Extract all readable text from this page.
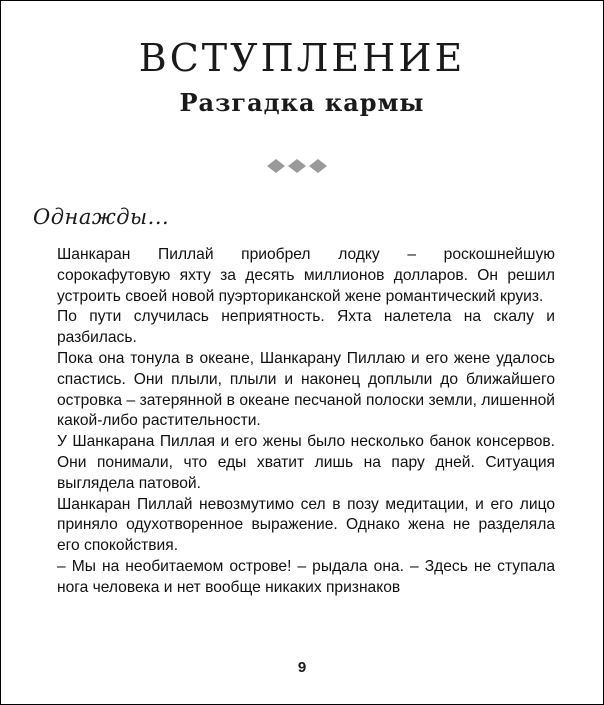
ВСТУПЛЕНИЕ
Разгадка кармы

Однажды...

Шанкаран Пиллай приобрел лодку – роскошнейшую сорокафутовую яхту за десять миллионов долларов. Он решил устроить своей новой пуэрториканской жене романтический круиз.

По пути случилась неприятность. Яхта налетела на скалу и разбилась.

Пока она тонула в океане, Шанкарану Пиллаю и его жене удалось спастись. Они плыли, плыли и наконец доплыли до ближайшего островка – затерянной в океане песчаной полоски земли, лишенной какой-либо растительности.

У Шанкарана Пиллая и его жены было несколько банок консервов. Они понимали, что еды хватит лишь на пару дней. Ситуация выглядела патовой.

Шанкаран Пиллай невозмутимо сел в позу медитации, и его лицо приняло одухотворенное выражение. Однако жена не разделяла его спокойствия.

– Мы на необитаемом острове! – рыдала она. – Здесь не ступала нога человека и нет вообще никаких признаков

9
